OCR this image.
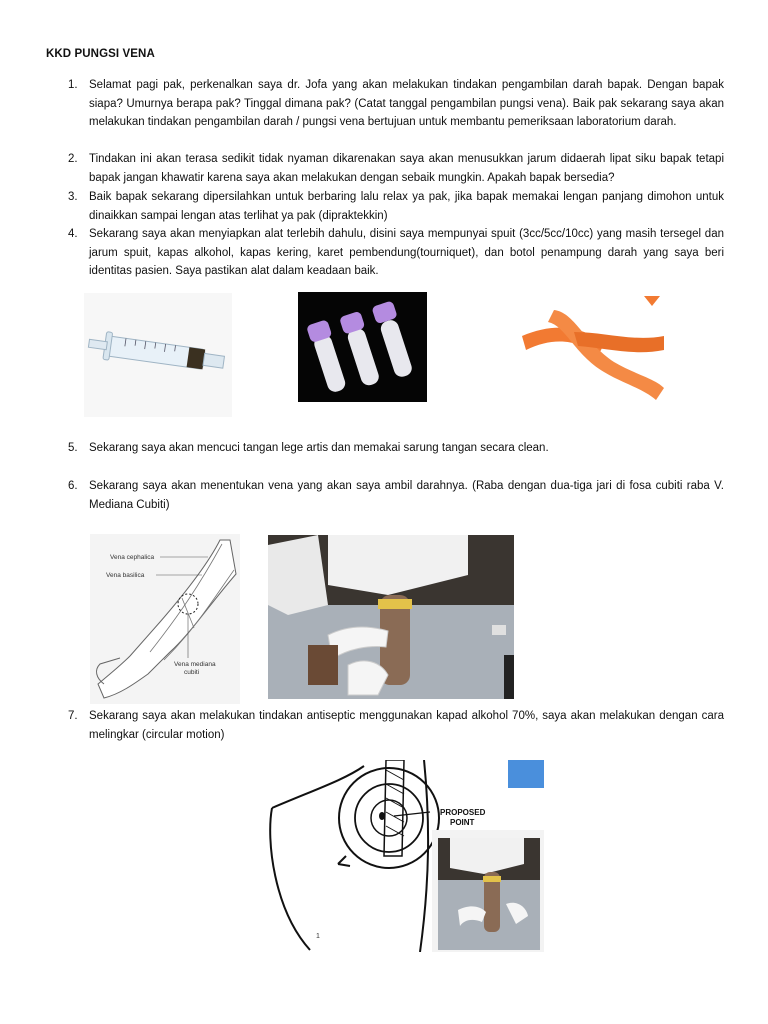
KKD PUNGSI VENA
1. Selamat pagi pak, perkenalkan saya dr. Jofa yang akan melakukan tindakan pengambilan darah bapak. Dengan bapak siapa? Umurnya berapa pak? Tinggal dimana pak? (Catat tanggal pengambilan pungsi vena). Baik pak sekarang saya akan melakukan tindakan pengambilan darah / pungsi vena bertujuan untuk membantu pemeriksaan laboratorium darah.
2. Tindakan ini akan terasa sedikit tidak nyaman dikarenakan saya akan menusukkan jarum didaerah lipat siku bapak tetapi bapak jangan khawatir karena saya akan melakukan dengan sebaik mungkin. Apakah bapak bersedia?
3. Baik bapak sekarang dipersilahkan untuk berbaring lalu relax ya pak, jika bapak memakai lengan panjang dimohon untuk dinaikkan sampai lengan atas terlihat ya pak (dipraktekkin)
4. Sekarang saya akan menyiapkan alat terlebih dahulu, disini saya mempunyai spuit (3cc/5cc/10cc) yang masih tersegel dan jarum spuit, kapas alkohol, kapas kering, karet pembendung(tourniquet), dan botol penampung darah yang saya beri identitas pasien. Saya pastikan alat dalam keadaan baik.
5. Sekarang saya akan mencuci tangan lege artis dan memakai sarung tangan secara clean.
6. Sekarang saya akan menentukan vena yang akan saya ambil darahnya. (Raba dengan dua-tiga jari di fosa cubiti raba V. Mediana Cubiti)
Vena cephalica
Vena basilica
Vena mediana
cubiti
7. Sekarang saya akan melakukan tindakan antiseptic menggunakan kapad alkohol 70%, saya akan melakukan dengan cara melingkar (circular motion)
PROPOSED
POINT
1
